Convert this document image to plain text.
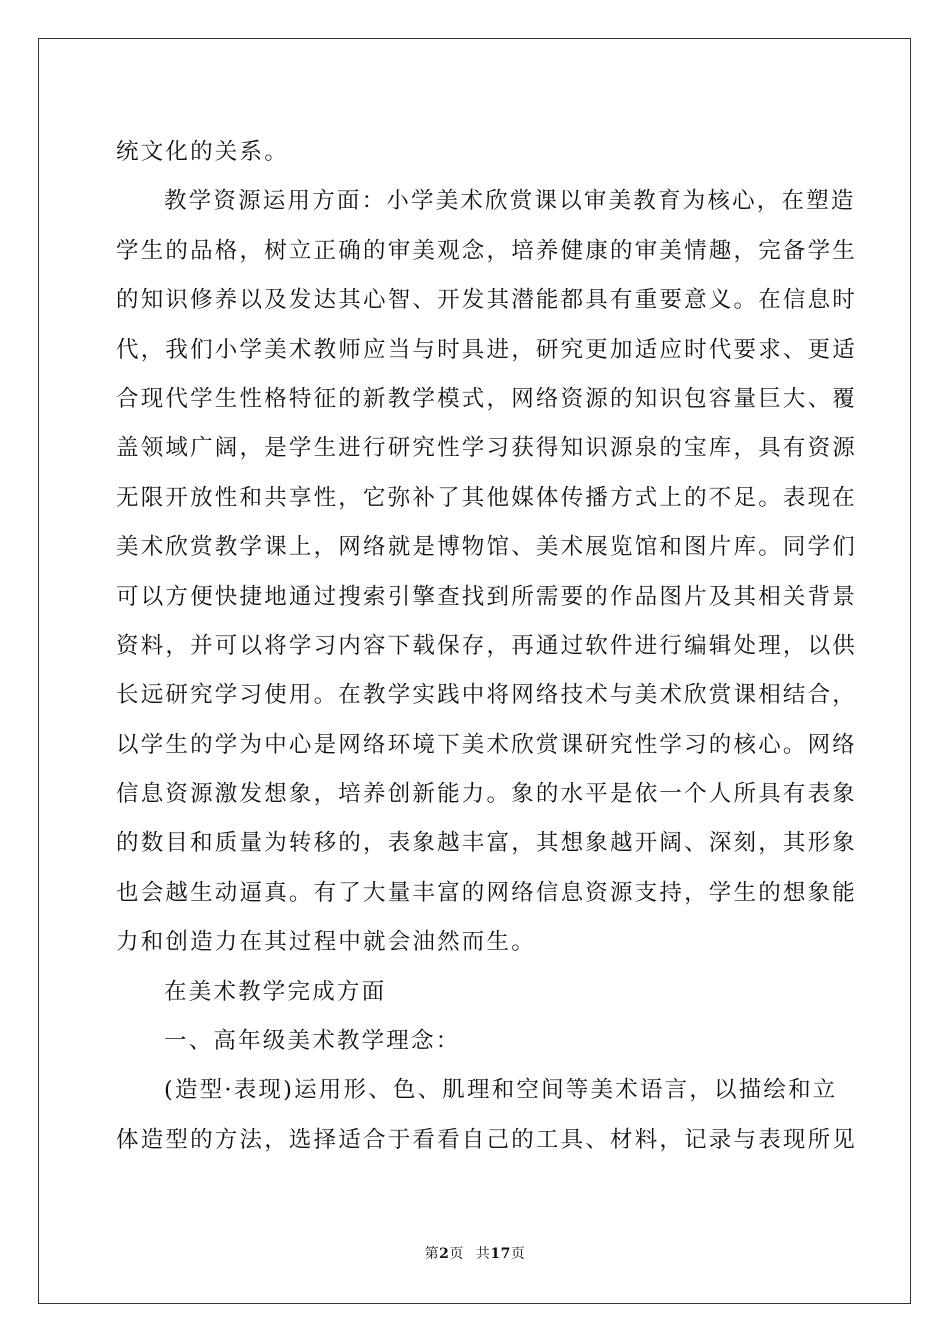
统文化的关系。
教学资源运用方面：小学美术欣赏课以审美教育为核心，在塑造
学生的品格，树立正确的审美观念，培养健康的审美情趣，完备学生
的知识修养以及发达其心智、开发其潜能都具有重要意义。在信息时
代，我们小学美术教师应当与时具进，研究更加适应时代要求、更适
合现代学生性格特征的新教学模式，网络资源的知识包容量巨大、覆
盖领域广阔，是学生进行研究性学习获得知识源泉的宝库，具有资源
无限开放性和共享性，它弥补了其他媒体传播方式上的不足。表现在
美术欣赏教学课上，网络就是博物馆、美术展览馆和图片库。同学们
可以方便快捷地通过搜索引擎查找到所需要的作品图片及其相关背景
资料，并可以将学习内容下载保存，再通过软件进行编辑处理，以供
长远研究学习使用。在教学实践中将网络技术与美术欣赏课相结合，
以学生的学为中心是网络环境下美术欣赏课研究性学习的核心。网络
信息资源激发想象，培养创新能力。象的水平是依一个人所具有表象
的数目和质量为转移的，表象越丰富，其想象越开阔、深刻，其形象
也会越生动逼真。有了大量丰富的网络信息资源支持，学生的想象能
力和创造力在其过程中就会油然而生。
在美术教学完成方面
一、高年级美术教学理念：
(造型·表现)运用形、色、肌理和空间等美术语言，以描绘和立
体造型的方法，选择适合于看看自己的工具、材料，记录与表现所见
第2页 共17页
